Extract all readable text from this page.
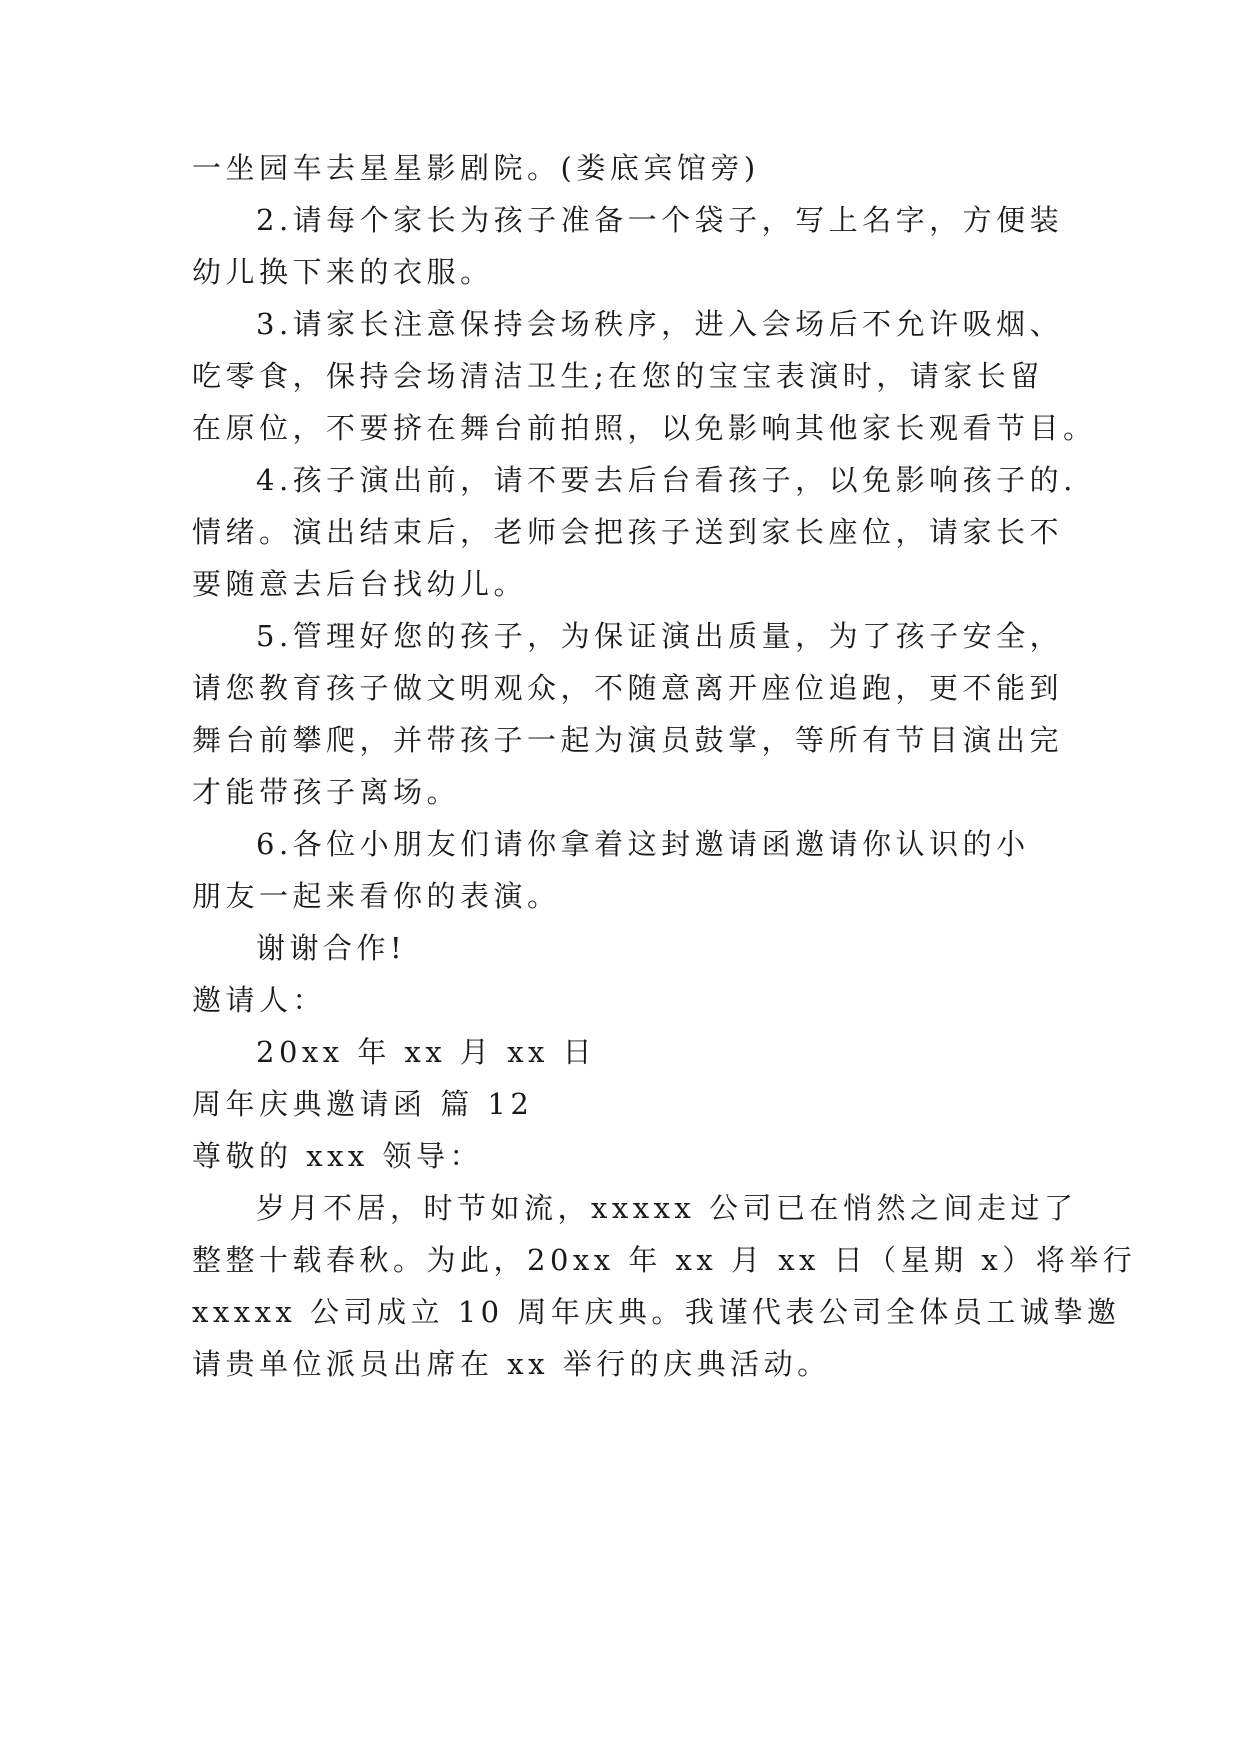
一坐园车去星星影剧院。(娄底宾馆旁)
2.请每个家长为孩子准备一个袋子，写上名字，方便装
幼儿换下来的衣服。
3.请家长注意保持会场秩序，进入会场后不允许吸烟、
吃零食，保持会场清洁卫生;在您的宝宝表演时，请家长留
在原位，不要挤在舞台前拍照，以免影响其他家长观看节目。
4.孩子演出前，请不要去后台看孩子，以免影响孩子的.
情绪。演出结束后，老师会把孩子送到家长座位，请家长不
要随意去后台找幼儿。
5.管理好您的孩子，为保证演出质量，为了孩子安全，
请您教育孩子做文明观众，不随意离开座位追跑，更不能到
舞台前攀爬，并带孩子一起为演员鼓掌，等所有节目演出完
才能带孩子离场。
6.各位小朋友们请你拿着这封邀请函邀请你认识的小
朋友一起来看你的表演。
谢谢合作!
邀请人：
20xx 年 xx 月 xx 日
周年庆典邀请函 篇 12
尊敬的 xxx 领导：
岁月不居，时节如流，xxxxx 公司已在悄然之间走过了
整整十载春秋。为此，20xx 年 xx 月 xx 日（星期 x）将举行
xxxxx 公司成立 10 周年庆典。我谨代表公司全体员工诚挚邀
请贵单位派员出席在 xx 举行的庆典活动。
